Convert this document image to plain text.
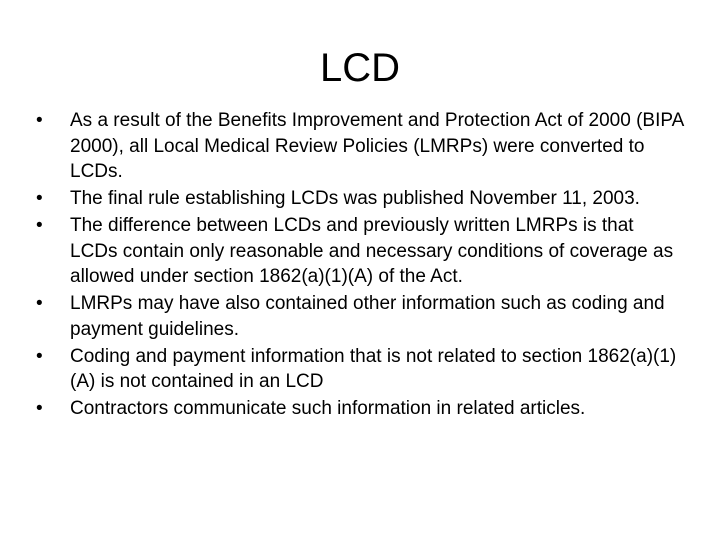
LCD
•	As a result of the Benefits Improvement and Protection Act of 2000 (BIPA 2000), all Local Medical Review Policies (LMRPs) were converted to LCDs.
•	The final rule establishing LCDs was published November 11, 2003.
•	The difference between LCDs and previously written LMRPs is that LCDs contain only reasonable and necessary conditions of coverage as allowed under section 1862(a)(1)(A) of the Act.
•	LMRPs may have also contained other information such as coding and payment guidelines.
•	Coding and payment information that is not related to section 1862(a)(1)(A) is not contained in an LCD
•	Contractors communicate such information in related articles.
